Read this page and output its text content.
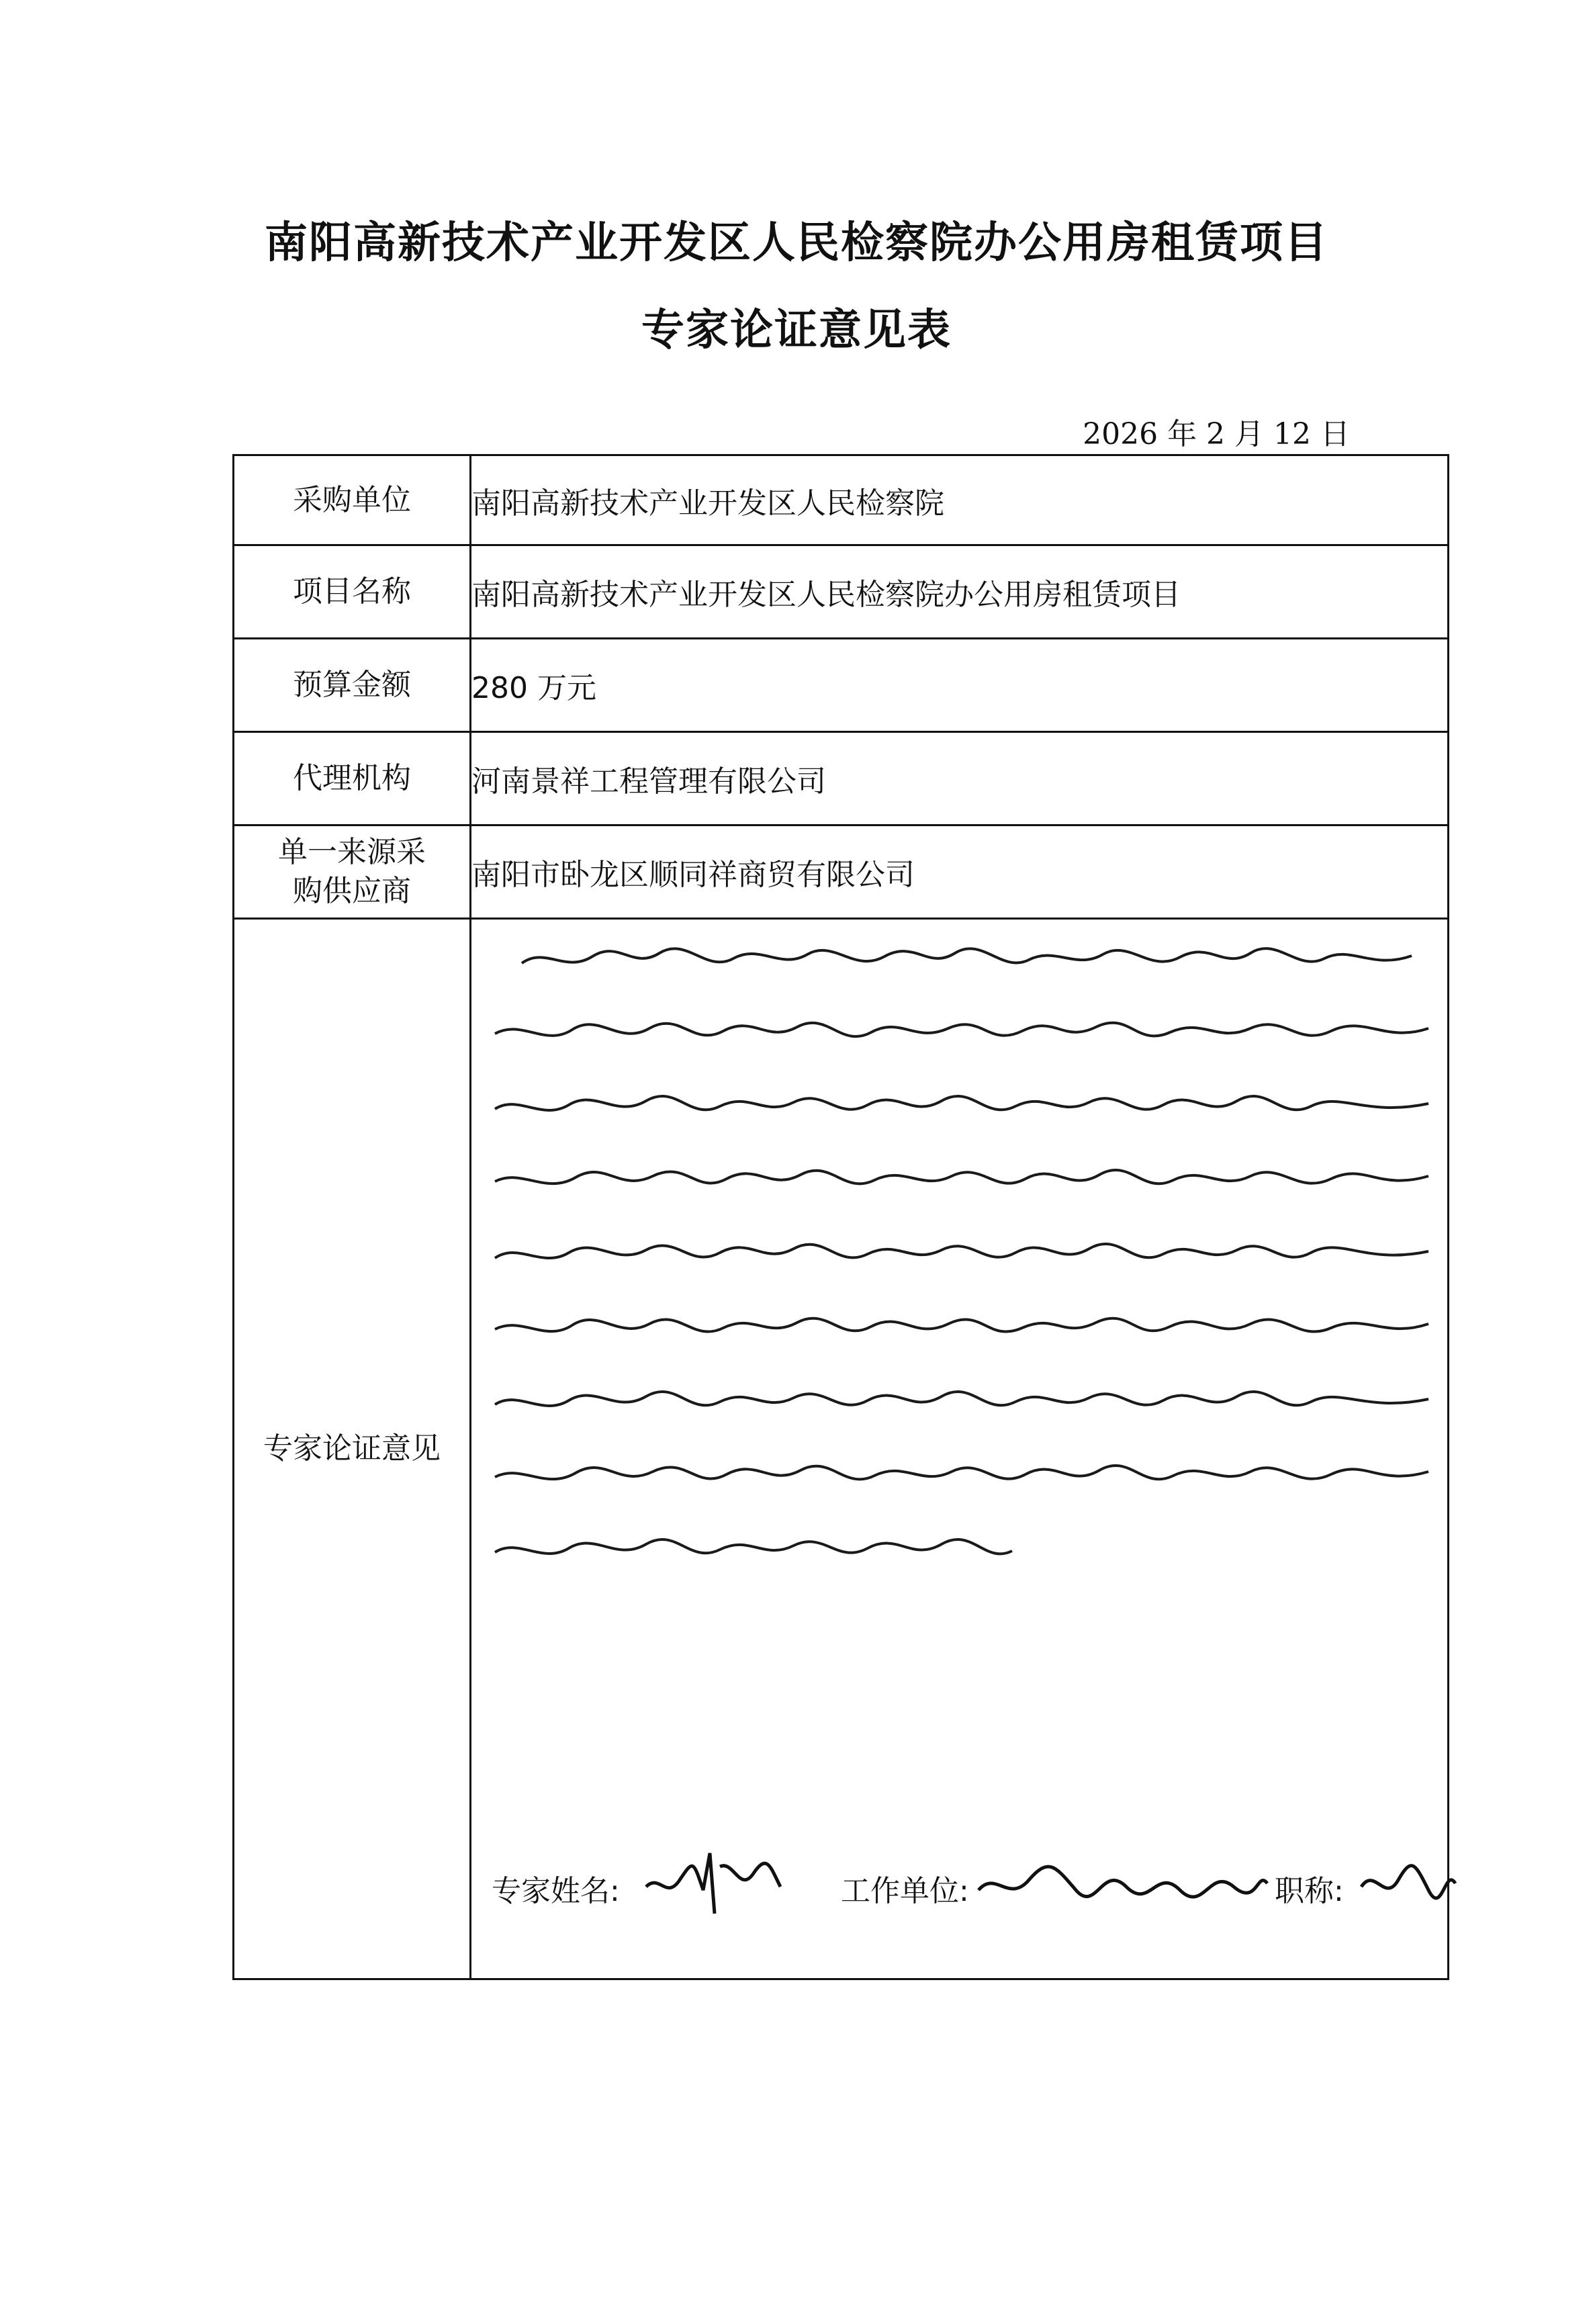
南阳高新技术产业开发区人民检察院办公用房租赁项目
专家论证意见表
2026 年 2 月 12 日
采购单位	南阳高新技术产业开发区人民检察院
项目名称	南阳高新技术产业开发区人民检察院办公用房租赁项目
预算金额	280 万元
代理机构	河南景祥工程管理有限公司
单一来源采购供应商	南阳市卧龙区顺同祥商贸有限公司
专家论证意见	专家姓名: 工作单位: 职称:
